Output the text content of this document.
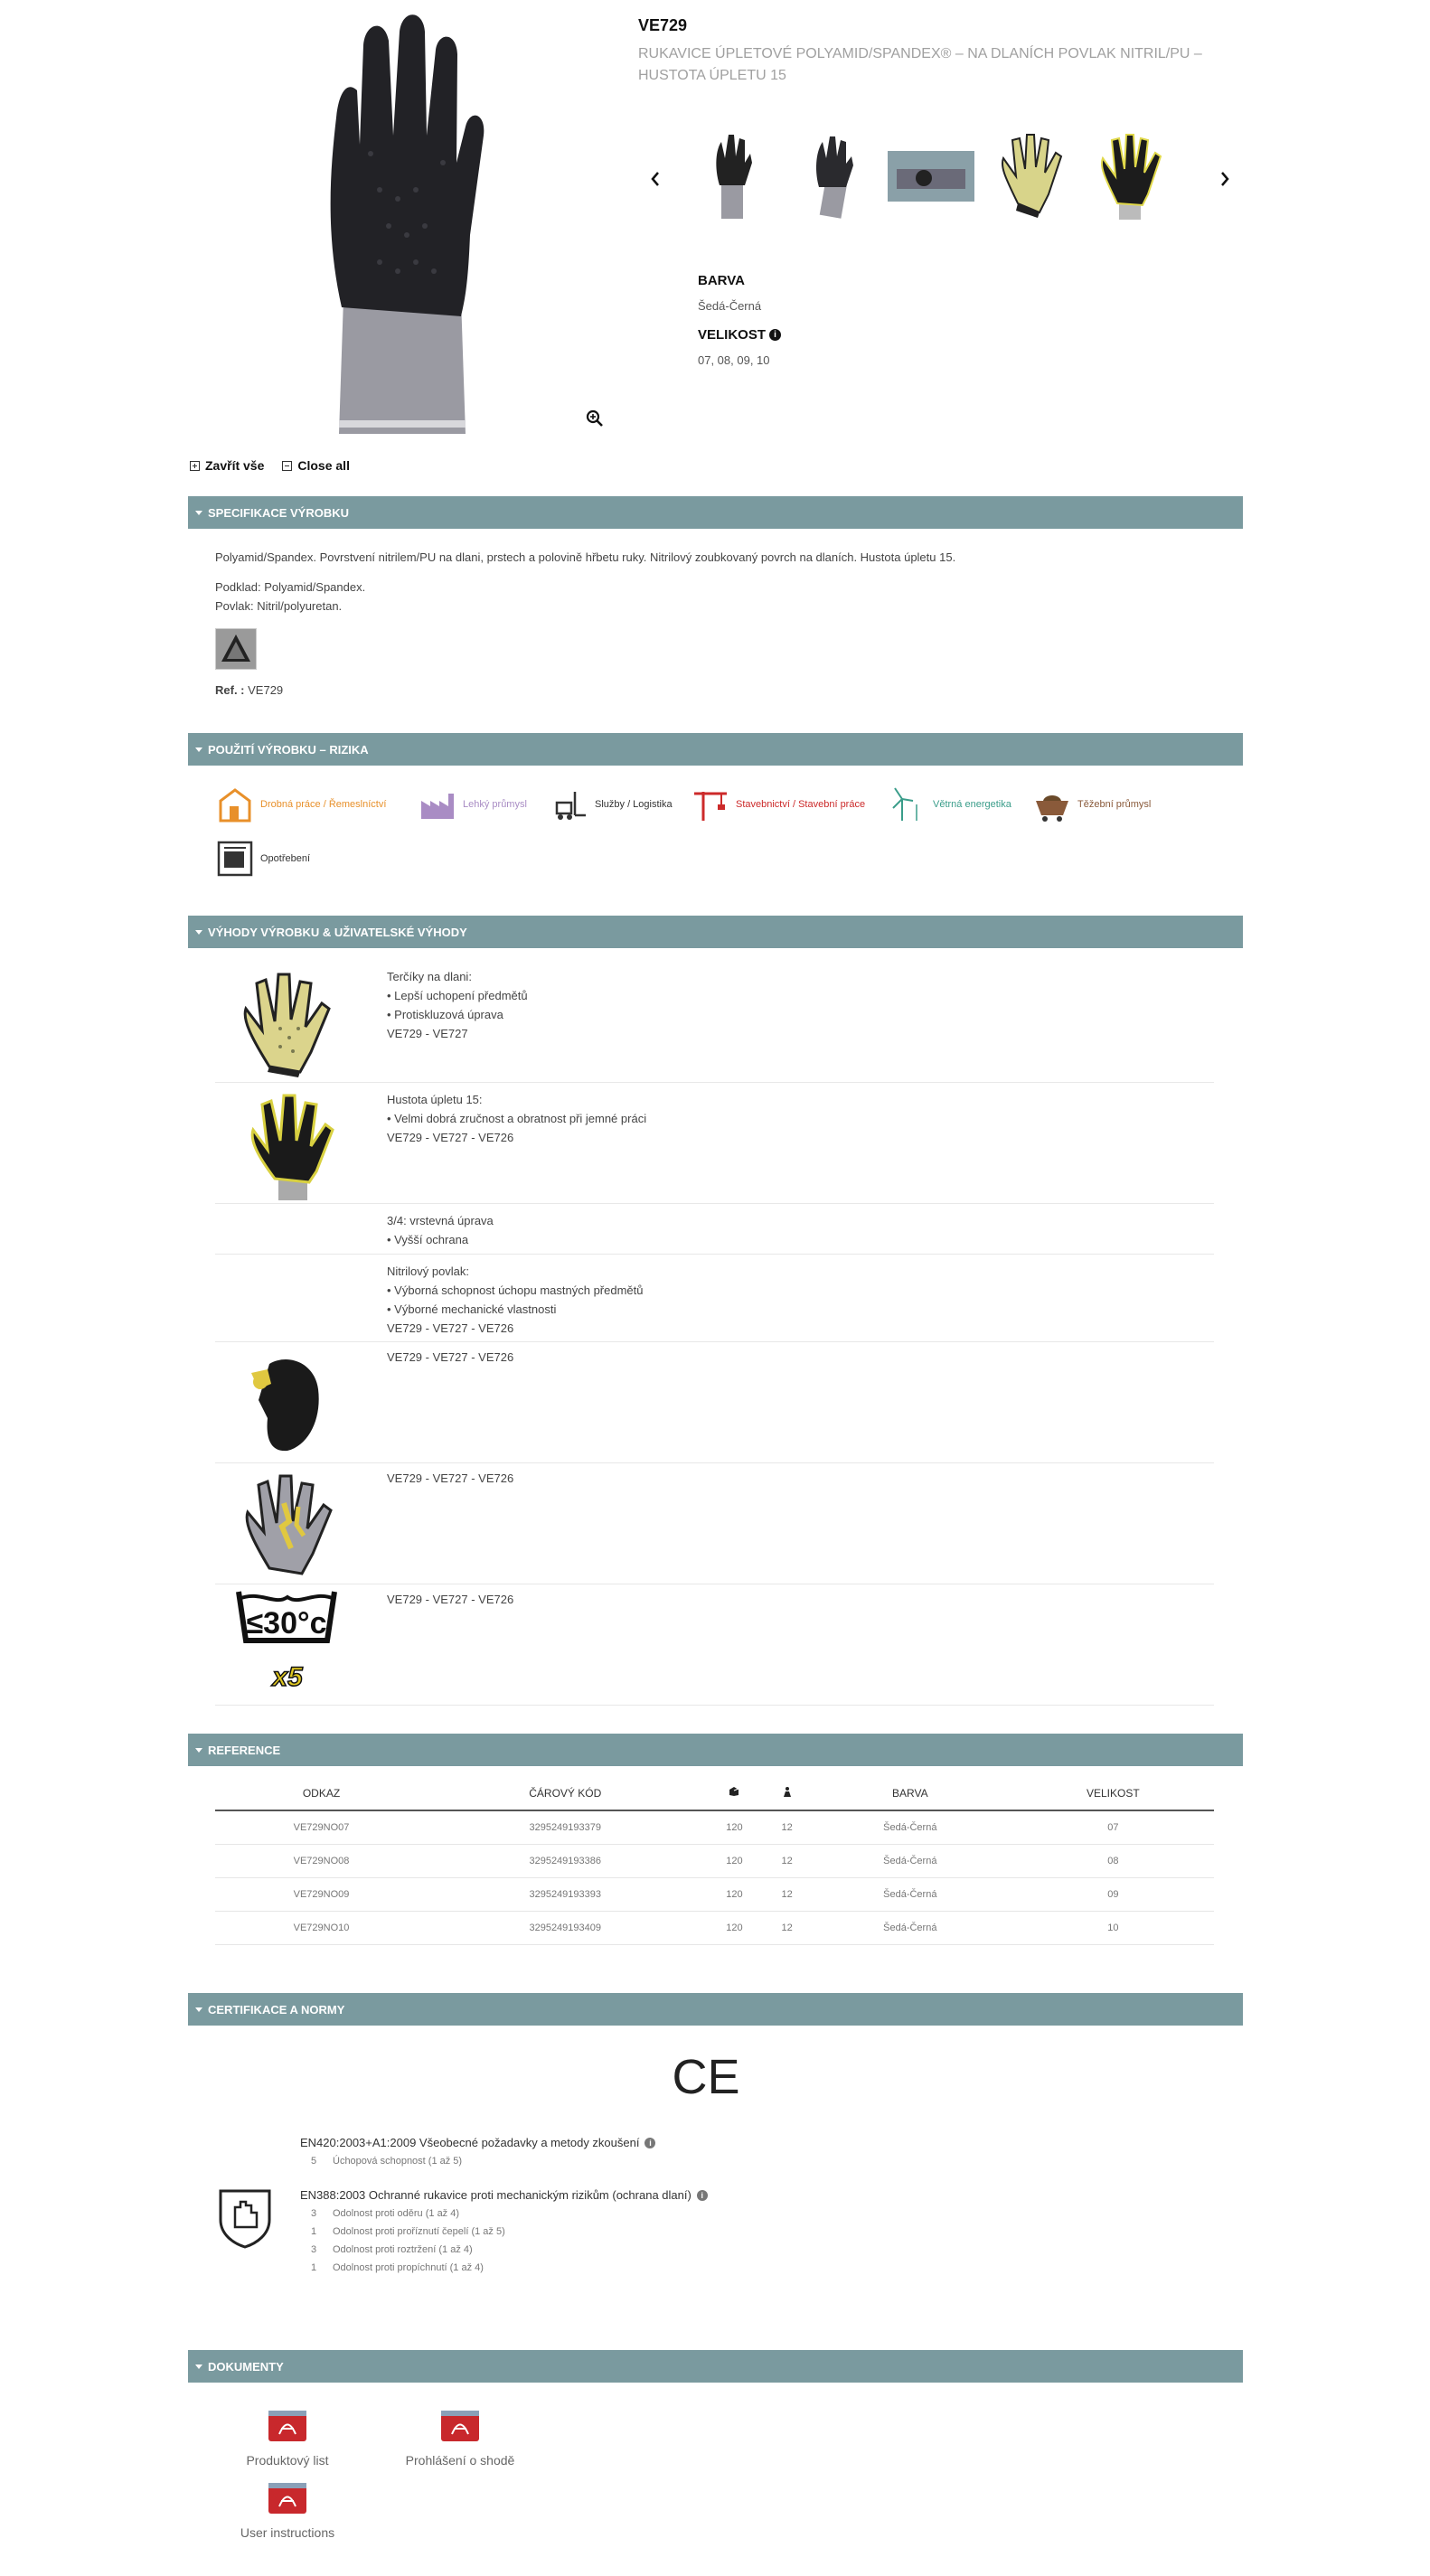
VE729
RUKAVICE ÚPLETOVÉ POLYAMID/SPANDEX® – NA DLANÍCH POVLAK NITRIL/PU – HUSTOTA ÚPLETU 15
BARVA
Šedá-Černá
VELIKOST i
07, 08, 09, 10
Zavřít vše	Close all
SPECIFIKACE VÝROBKU
Polyamid/Spandex. Povrstvení nitrilem/PU na dlani, prstech a polovině hřbetu ruky. Nitrilový zoubkovaný povrch na dlaních. Hustota úpletu 15.
Podklad: Polyamid/Spandex.
Povlak: Nitril/polyuretan.
Ref. : VE729
POUŽITÍ VÝROBKU – RIZIKA
Drobná práce / Řemeslníctví	Lehký průmysl	Služby / Logistika	Stavebnictví / Stavební práce	Větrná energetika	Těžební průmysl
Opotřebení
VÝHODY VÝROBKU & UŽIVATELSKÉ VÝHODY
Terčíky na dlani:
• Lepší uchopení předmětů
• Protiskluzová úprava
VE729 - VE727
Hustota úpletu 15:
• Velmi dobrá zručnost a obratnost při jemné práci
VE729 - VE727 - VE726
3/4: vrstevná úprava
• Vyšší ochrana
Nitrilový povlak:
• Výborná schopnost úchopu mastných předmětů
• Výborné mechanické vlastnosti
VE729 - VE727 - VE726
VE729 - VE727 - VE726
VE729 - VE727 - VE726
≤30°c
x5
VE729 - VE727 - VE726
REFERENCE
ODKAZ	ČÁROVÝ KÓD			BARVA	VELIKOST
VE729NO07	3295249193379	120	12	Šedá-Černá	07
VE729NO08	3295249193386	120	12	Šedá-Černá	08
VE729NO09	3295249193393	120	12	Šedá-Černá	09
VE729NO10	3295249193409	120	12	Šedá-Černá	10
CERTIFIKACE A NORMY
CE
EN420:2003+A1:2009 Všeobecné požadavky a metody zkoušení i
5 Úchopová schopnost (1 až 5)
EN388:2003 Ochranné rukavice proti mechanickým rizikům (ochrana dlaní) i
3 Odolnost proti oděru (1 až 4)
1 Odolnost proti proříznutí čepelí (1 až 5)
3 Odolnost proti roztržení (1 až 4)
1 Odolnost proti propíchnutí (1 až 4)
DOKUMENTY
Produktový list	Prohlášení o shodě
User instructions
